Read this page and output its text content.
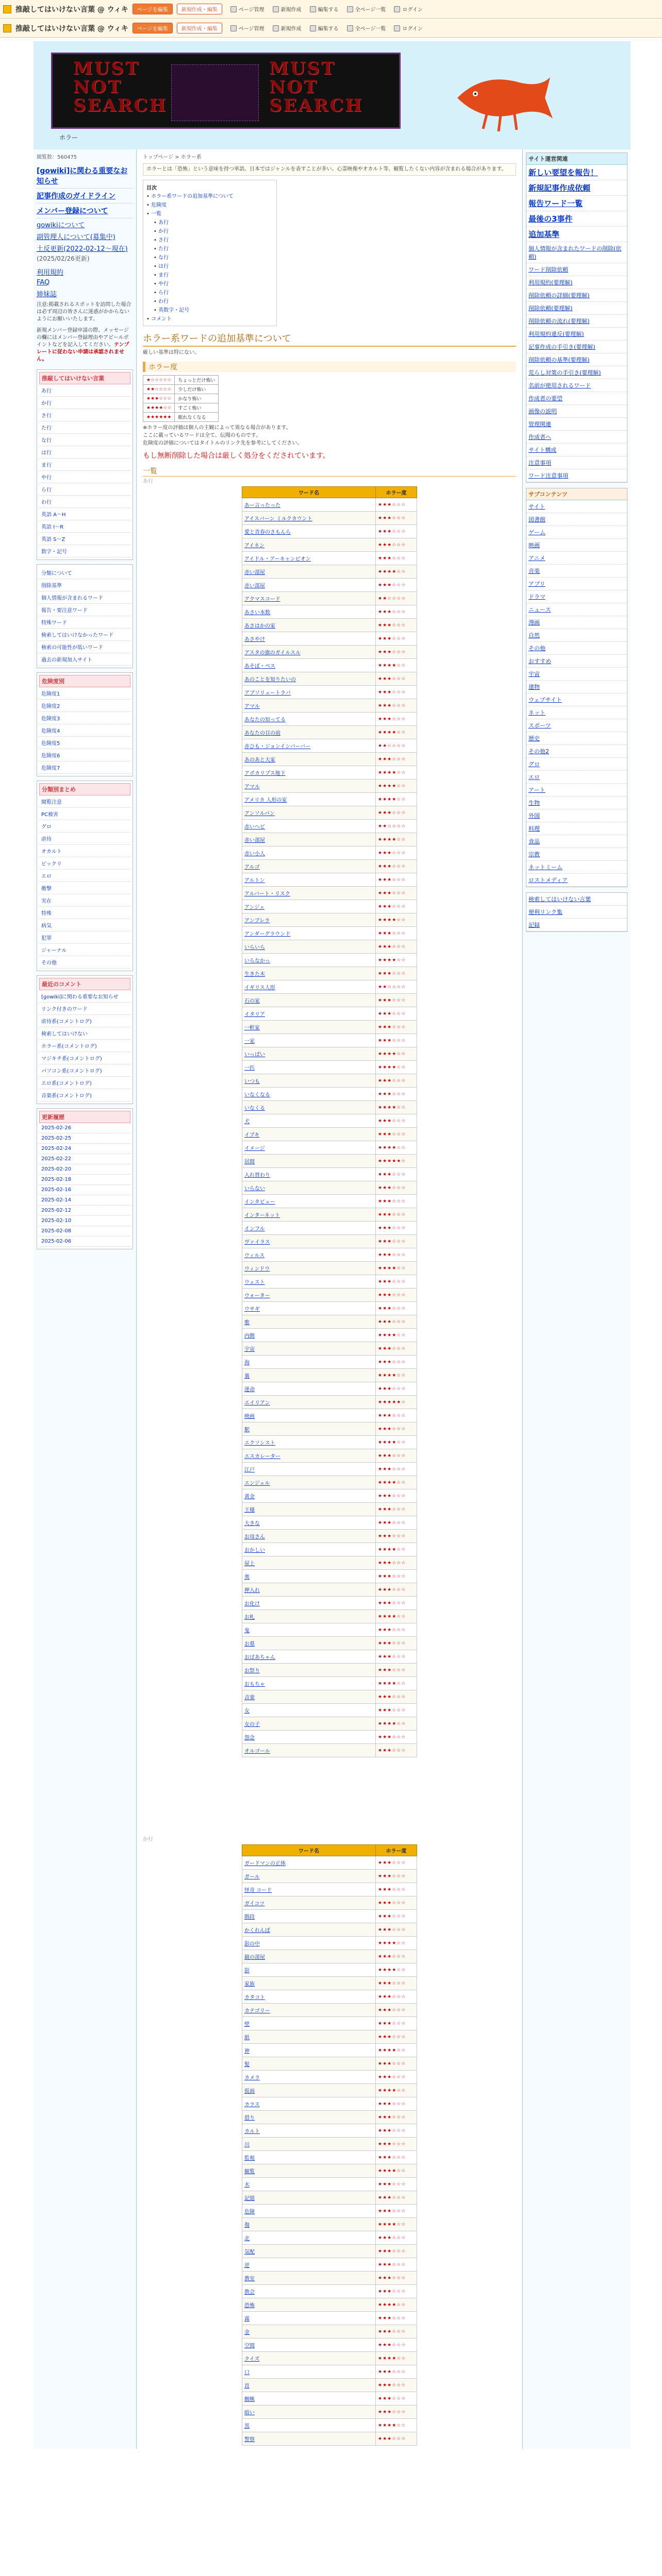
推敲してはいけない言葉 @ ウィキ	ページを編集	新規作成・編集	ページ管理	新規作成	編集する	全ページ一覧	ログイン
推敲してはいけない言葉 @ ウィキ	ページを編集	新規作成・編集	ページ管理	新規作成	編集する	全ページ一覧	ログイン
MUST NOT SEARCH
MUST NOT SEARCH
ホラー
閲覧数：560475
[gowiki]に関わる重要なお知らせ
記事作成のガイドライン
メンバー登録について
gowikiについて
副管理人について(募集中)
土反更新(2022-02-12〜現在)
(2025/02/26更新)
利用規約
FAQ
姉妹誌
注意:掲載されるスポットを訪問した場合は必ず周辺の皆さんに迷惑がかからないようにお願いいたします。
新規メンバー登録申請の際、メッセージの欄にはメンバー登録理由やアピールポイントなどを記入してください。テンプレートに従わない申請は承認されません。
推敲してはいけない言葉
あ行
か行
さ行
た行
な行
は行
ま行
や行
ら行
わ行
英語 A〜H
英語 I〜R
英語 S〜Z
数字・記号
分類について
削除基準
個人情報が含まれるワード
報告・要注意ワード
特殊ワード
検索してはいけなかったワード
検索の可能性が低いワード
過去の新規加入サイト
危険度別
危険度1
危険度2
危険度3
危険度4
危険度5
危険度6
危険度7
分類別まとめ
閲覧注意
PC被害
グロ
虐待
オカルト
ビックリ
エロ
衝撃
実在
特殊
病気
犯罪
ジャーナル
その他
最近のコメント
[gowiki]に関わる重要なお知らせ
リンク付きのワード
虐待系(コメントログ)
検索してはいけない
ホラー系(コメントログ)
マジキチ系(コメントログ)
パソコン系(コメントログ)
エロ系(コメントログ)
音楽系(コメントログ)
更新履歴
2025-02-26
2025-02-25
2025-02-24
2025-02-22
2025-02-20
2025-02-18
2025-02-16
2025-02-14
2025-02-12
2025-02-10
2025-02-08
2025-02-06
トップページ > ホラー系
ホラーとは「恐怖」という意味を持つ単語。日本ではジャンルを表すことが多い。心霊映像やオカルト等、観覧したくない内容が含まれる場合があります。
目次
• ホラー系ワードの追加基準について
• 危険度
• 一覧
• あ行
• か行
• さ行
• た行
• な行
• は行
• ま行
• や行
• ら行
• わ行
• 英数字・記号
• コメント
ホラー系ワードの追加基準について
厳しい基準は特にない。
ホラー度
★☆☆☆☆☆	ちょっとだけ怖い
★★☆☆☆☆	少しだけ怖い
★★★☆☆☆	かなり怖い
★★★★☆☆	すごく怖い
★★★★★★	眠れなくなる
※ホラー度の評価は個人の主観によって異なる場合があります。
ここに載っているワードは全て、伝聞のものです。
危険度の評価についてはタイトルのリンク先を参考にしてください。
もし無断削除した場合は厳しく処分をくだされています。
一覧
あ行
ワード名	ホラー度
あー言ったった	★★★☆☆☆
アイスバーン ミルクカウント	★★★☆☆☆
愛と青春のさもんら	★★★☆☆☆
アイネン	★★★☆☆☆
アイドル・アーキャンピオン	★★★☆☆☆
赤い部屋	★★★★☆☆
赤い部屋	★★★☆☆☆
アクマスコード	★★☆☆☆☆
あさい本数	★★★☆☆☆
あさはかの家	★★★☆☆☆
あさやけ	★★★☆☆☆
アスタの旗のガイルスル	★★★☆☆☆
あそぼ・ペス	★★★★☆☆
あのことを知りたいの	★★★☆☆☆
アブソリュートラバ	★★★☆☆☆
アマル	★★★☆☆☆
あなたの知ってる	★★★☆☆☆
あなたの目の前	★★★★☆☆
赤ひも・ジョンインバーバー	★★☆☆☆☆
あのあと大家	★★★☆☆☆
アポカリプス地下	★★★★☆☆
アマル	★★★★☆☆
アメリカ 人形の家	★★★★☆☆
アンソルパン	★★★☆☆☆
赤いヘビ	★★☆☆☆☆
赤い部屋	★★★★☆☆
赤い小人	★★★☆☆☆
アルゴ	★★★☆☆☆
アルトン	★★★☆☆☆
アルバート・リスク	★★★☆☆☆
アンジェ	★★★☆☆☆
アンブレラ	★★★★☆☆
アンダーグラウンド	★★★☆☆☆
いらいら	★★★☆☆☆
いらなかっ	★★★★☆☆
生きた木	★★★☆☆☆
イギリス人形	★★☆☆☆☆
石の家	★★★☆☆☆
イタリア	★★★☆☆☆
一軒家	★★★☆☆☆
一家	★★★☆☆☆
いっぱい	★★★★☆☆
一匹	★★★★☆☆
いつも	★★★☆☆☆
いなくなる	★★★☆☆☆
いなくる	★★★★☆☆
犬	★★★☆☆☆
イブキ	★★★☆☆☆
イメージ	★★★★☆☆
居間	★★★★★☆
入れ替わり	★★★☆☆☆
いらない	★★★☆☆☆
インタビュー	★★★☆☆☆
インターネット	★★★☆☆☆
インフル	★★★☆☆☆
ヴァイラス	★★★☆☆☆
ウィルス	★★★☆☆☆
ウィンドウ	★★★★☆☆
ウェスト	★★★☆☆☆
ウォーター	★★★☆☆☆
ウサギ	★★★☆☆☆
歌	★★★☆☆☆
内側	★★★★☆☆
宇宙	★★★☆☆☆
海	★★★☆☆☆
裏	★★★★☆☆
運命	★★★☆☆☆
エイリアン	★★★★★☆
映画	★★★☆☆☆
駅	★★★☆☆☆
エクソシスト	★★★★☆☆
エスカレーター	★★★☆☆☆
江戸	★★★☆☆☆
エンジェル	★★★★☆☆
黄金	★★★☆☆☆
王様	★★★☆☆☆
大きな	★★★☆☆☆
お母さん	★★★☆☆☆
おかしい	★★★★☆☆
屋上	★★★☆☆☆
奥	★★★☆☆☆
押入れ	★★★☆☆☆
お化け	★★★☆☆☆
お札	★★★★☆☆
鬼	★★★☆☆☆
お墓	★★★☆☆☆
おばあちゃん	★★★☆☆☆
お祭り	★★★☆☆☆
おもちゃ	★★★★☆☆
音楽	★★★☆☆☆
女	★★★☆☆☆
女の子	★★★★☆☆
怨念	★★★☆☆☆
オルゴール	★★★☆☆☆
か行
ワード名	ホラー度
ガードマンの正体	★★★☆☆☆
ガール	★★★☆☆☆
怪奇 コード	★★★☆☆☆
ガイコツ	★★★☆☆☆
階段	★★★☆☆☆
かくれんぼ	★★★☆☆☆
影の中	★★★★☆☆
鏡の部屋	★★★☆☆☆
影	★★★★☆☆
家族	★★★☆☆☆
カタコト	★★★☆☆☆
カテゴリー	★★★☆☆☆
壁	★★★☆☆☆
紙	★★★☆☆☆
神	★★★★☆☆
髪	★★★☆☆☆
カメラ	★★★☆☆☆
仮面	★★★★☆☆
カラス	★★★☆☆☆
借り	★★★☆☆☆
カルト	★★★☆☆☆
川	★★★☆☆☆
監視	★★★☆☆☆
観覧	★★★★☆☆
木	★★★☆☆☆
記憶	★★★☆☆☆
危険	★★★☆☆☆
傷	★★★★☆☆
北	★★★☆☆☆
気配	★★★☆☆☆
逆	★★★☆☆☆
教室	★★★☆☆☆
教会	★★★☆☆☆
恐怖	★★★★☆☆
霧	★★★☆☆☆
金	★★★☆☆☆
空間	★★★☆☆☆
クイズ	★★★★☆☆
口	★★★☆☆☆
首	★★★☆☆☆
蜘蛛	★★★☆☆☆
暗い	★★★☆☆☆
黒	★★★★☆☆
警察	★★★☆☆☆
サイト運営関連
新しい要望を報告！
新規記事作成依頼
報告ワード一覧
最後の3事件
追加基準
個人情報が含まれたワードの削除(依頼)
ワード削除依頼
利用規約(要理解)
削除依頼の詳細(要理解)
削除依頼(要理解)
削除依頼の流れ(要理解)
利用規約違反(要理解)
記事作成の手引き(要理解)
削除依頼の基準(要理解)
荒らし対策の手引き(要理解)
名前が使用されるワード
作成者の要望
画像の説明
管理関連
作成者へ
サイト構成
注意事項
ワード注意事項
サブコンテンツ
サイト
図書館
ゲーム
映画
アニメ
音楽
アプリ
ドラマ
ニュース
漫画
自然
その他
おすすめ
宇宙
建物
ウェブサイト
ネット
スポーツ
歴史
その他2
グロ
エロ
アート
生物
外国
料理
食品
宗教
ネットミーム
ロストメディア
検索してはいけない言葉
便利リンク集
記録
